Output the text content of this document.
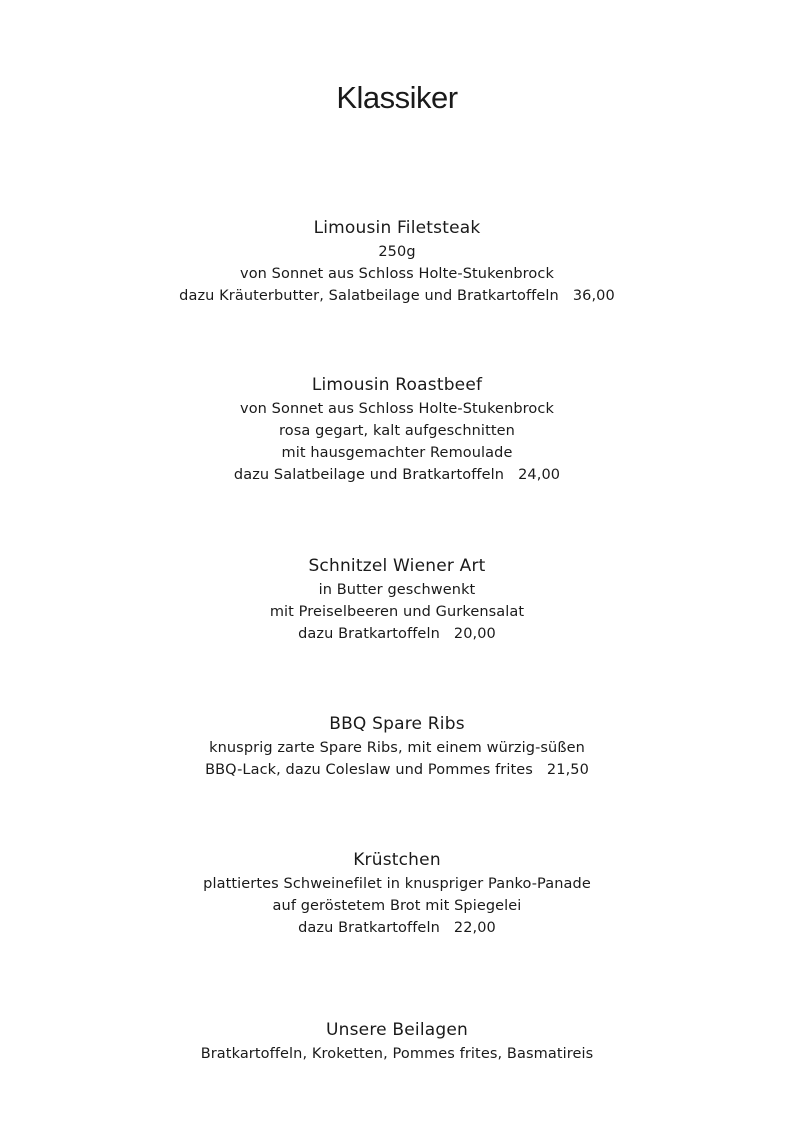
Klassiker
Limousin Filetsteak

250g

von Sonnet aus Schloss Holte-Stukenbrock

dazu Kräuterbutter, Salatbeilage und Bratkartoffeln 36,00

Limousin Roastbeef

von Sonnet aus Schloss Holte-Stukenbrock

rosa gegart, kalt aufgeschnitten

mit hausgemachter Remoulade

dazu Salatbeilage und Bratkartoffeln 24,00

Schnitzel Wiener Art

in Butter geschwenkt

mit Preiselbeeren und Gurkensalat

dazu Bratkartoffeln 20,00

BBQ Spare Ribs

knusprig zarte Spare Ribs, mit einem würzig-süßen

BBQ-Lack, dazu Coleslaw und Pommes frites 21,50

Krüstchen

plattiertes Schweinefilet in knuspriger Panko-Panade

auf geröstetem Brot mit Spiegelei

dazu Bratkartoffeln 22,00

Unsere Beilagen

Bratkartoffeln, Kroketten, Pommes frites, Basmatireis
